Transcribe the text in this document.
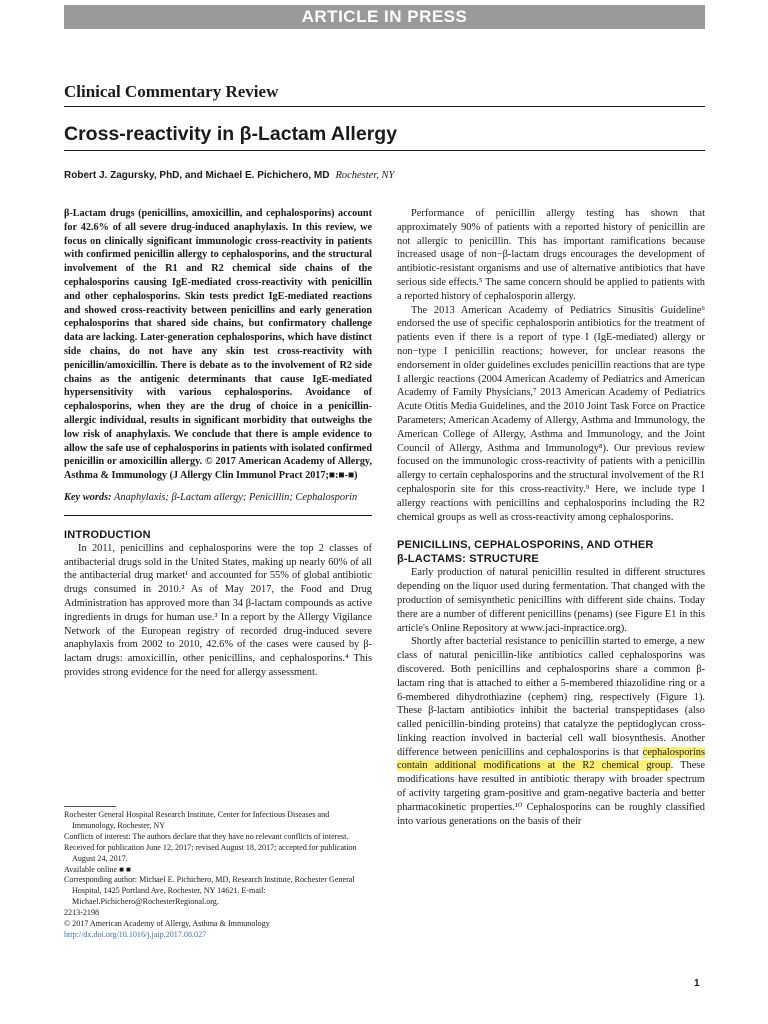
ARTICLE IN PRESS
Clinical Commentary Review
Cross-reactivity in β-Lactam Allergy
Robert J. Zagursky, PhD, and Michael E. Pichichero, MD Rochester, NY

β-Lactam drugs (penicillins, amoxicillin, and cephalosporins) account for 42.6% of all severe drug-induced anaphylaxis. In this review, we focus on clinically significant immunologic cross-reactivity in patients with confirmed penicillin allergy to cephalosporins, and the structural involvement of the R1 and R2 chemical side chains of the cephalosporins causing IgE-mediated cross-reactivity with penicillin and other cephalosporins. Skin tests predict IgE-mediated reactions and showed cross-reactivity between penicillins and early generation cephalosporins that shared side chains, but confirmatory challenge data are lacking. Later-generation cephalosporins, which have distinct side chains, do not have any skin test cross-reactivity with penicillin/amoxicillin. There is debate as to the involvement of R2 side chains as the antigenic determinants that cause IgE-mediated hypersensitivity with various cephalosporins. Avoidance of cephalosporins, when they are the drug of choice in a penicillin-allergic individual, results in significant morbidity that outweighs the low risk of anaphylaxis. We conclude that there is ample evidence to allow the safe use of cephalosporins in patients with isolated confirmed penicillin or amoxicillin allergy. © 2017 American Academy of Allergy, Asthma & Immunology (J Allergy Clin Immunol Pract 2017;■:■-■)

Key words: Anaphylaxis; β-Lactam allergy; Penicillin; Cephalosporin

INTRODUCTION

In 2011, penicillins and cephalosporins were the top 2 classes of antibacterial drugs sold in the United States, making up nearly 60% of all the antibacterial drug market¹ and accounted for 55% of global antibiotic drugs consumed in 2010.² As of May 2017, the Food and Drug Administration has approved more than 34 β-lactam compounds as active ingredients in drugs for human use.³ In a report by the Allergy Vigilance Network of the European registry of recorded drug-induced severe anaphylaxis from 2002 to 2010, 42.6% of the cases were caused by β-lactam drugs: amoxicillin, other penicillins, and cephalosporins.⁴ This provides strong evidence for the need for allergy assessment.

Rochester General Hospital Research Institute, Center for Infectious Diseases and Immunology, Rochester, NY

Conflicts of interest: The authors declare that they have no relevant conflicts of interest.

Received for publication June 12, 2017; revised August 18, 2017; accepted for publication August 24, 2017.

Available online ■ ■

Corresponding author: Michael E. Pichichero, MD, Research Institute, Rochester General Hospital, 1425 Portland Ave, Rochester, NY 14621. E-mail: Michael.Pichichero@RochesterRegional.org.

2213-2198

© 2017 American Academy of Allergy, Asthma & Immunology

http://dx.doi.org/10.1016/j.jaip.2017.08.027

Performance of penicillin allergy testing has shown that approximately 90% of patients with a reported history of penicillin are not allergic to penicillin. This has important ramifications because increased usage of non−β-lactam drugs encourages the development of antibiotic-resistant organisms and use of alternative antibiotics that have serious side effects.⁵ The same concern should be applied to patients with a reported history of cephalosporin allergy.

The 2013 American Academy of Pediatrics Sinusitis Guideline⁶ endorsed the use of specific cephalosporin antibiotics for the treatment of patients even if there is a report of type I (IgE-mediated) allergy or non−type I penicillin reactions; however, for unclear reasons the endorsement in older guidelines excludes penicillin reactions that are type I allergic reactions (2004 American Academy of Pediatrics and American Academy of Family Physicians,⁷ 2013 American Academy of Pediatrics Acute Otitis Media Guidelines, and the 2010 Joint Task Force on Practice Parameters; American Academy of Allergy, Asthma and Immunology, the American College of Allergy, Asthma and Immunology, and the Joint Council of Allergy, Asthma and Immunology⁸). Our previous review focused on the immunologic cross-reactivity of patients with a penicillin allergy to certain cephalosporins and the structural involvement of the R1 cephalosporin site for this cross-reactivity.⁹ Here, we include type I allergy reactions with penicillins and cephalosporins including the R2 chemical groups as well as cross-reactivity among cephalosporins.

PENICILLINS, CEPHALOSPORINS, AND OTHER
β-LACTAMS: STRUCTURE

Early production of natural penicillin resulted in different structures depending on the liquor used during fermentation. That changed with the production of semisynthetic penicillins with different side chains. Today there are a number of different penicillins (penams) (see Figure E1 in this article's Online Repository at www.jaci-inpractice.org).

Shortly after bacterial resistance to penicillin started to emerge, a new class of natural penicillin-like antibiotics called cephalosporins was discovered. Both penicillins and cephalosporins share a common β-lactam ring that is attached to either a 5-membered thiazolidine ring or a 6-membered dihydrothiazine (cephem) ring, respectively (Figure 1). These β-lactam antibiotics inhibit the bacterial transpeptidases (also called penicillin-binding proteins) that catalyze the peptidoglycan cross-linking reaction involved in bacterial cell wall biosynthesis. Another difference between penicillins and cephalosporins is that cephalosporins contain additional modifications at the R2 chemical group. These modifications have resulted in antibiotic therapy with broader spectrum of activity targeting gram-positive and gram-negative bacteria and better pharmacokinetic properties.¹⁰ Cephalosporins can be roughly classified into various generations on the basis of their

1
